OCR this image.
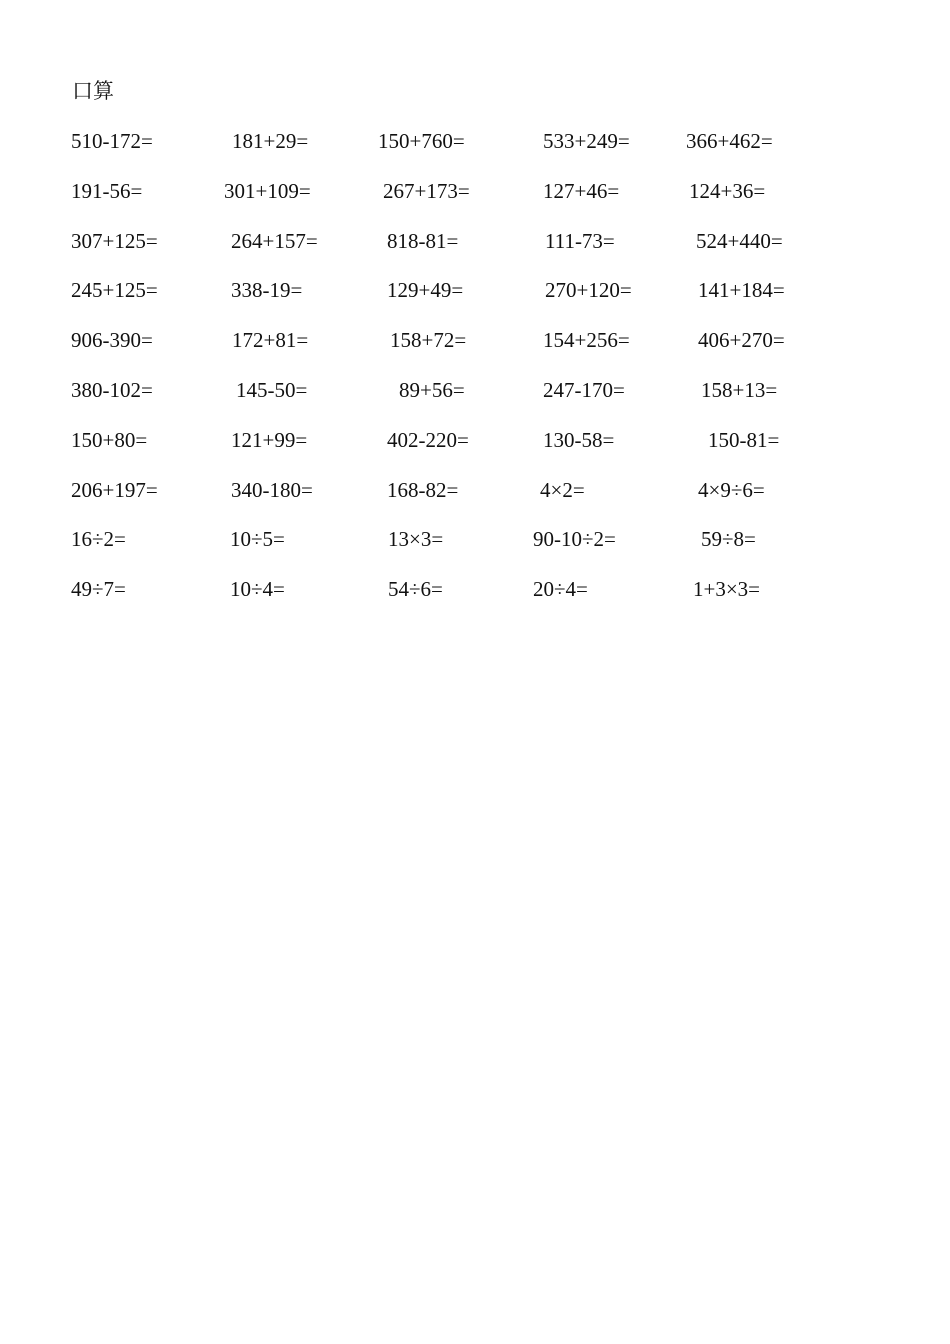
口算
510-172=	181+29=	150+760=	533+249=	366+462=
191-56=	301+109=	267+173=	127+46=	124+36=
307+125=	264+157=	818-81=	111-73=	524+440=
245+125=	338-19=	129+49=	270+120=	141+184=
906-390=	172+81=	158+72=	154+256=	406+270=
380-102=	145-50=	89+56=	247-170=	158+13=
150+80=	121+99=	402-220=	130-58=	150-81=
206+197=	340-180=	168-82=	4×2=	4×9÷6=
16÷2=	10÷5=	13×3=	90-10÷2=	59÷8=
49÷7=	10÷4=	54÷6=	20÷4=	1+3×3=
